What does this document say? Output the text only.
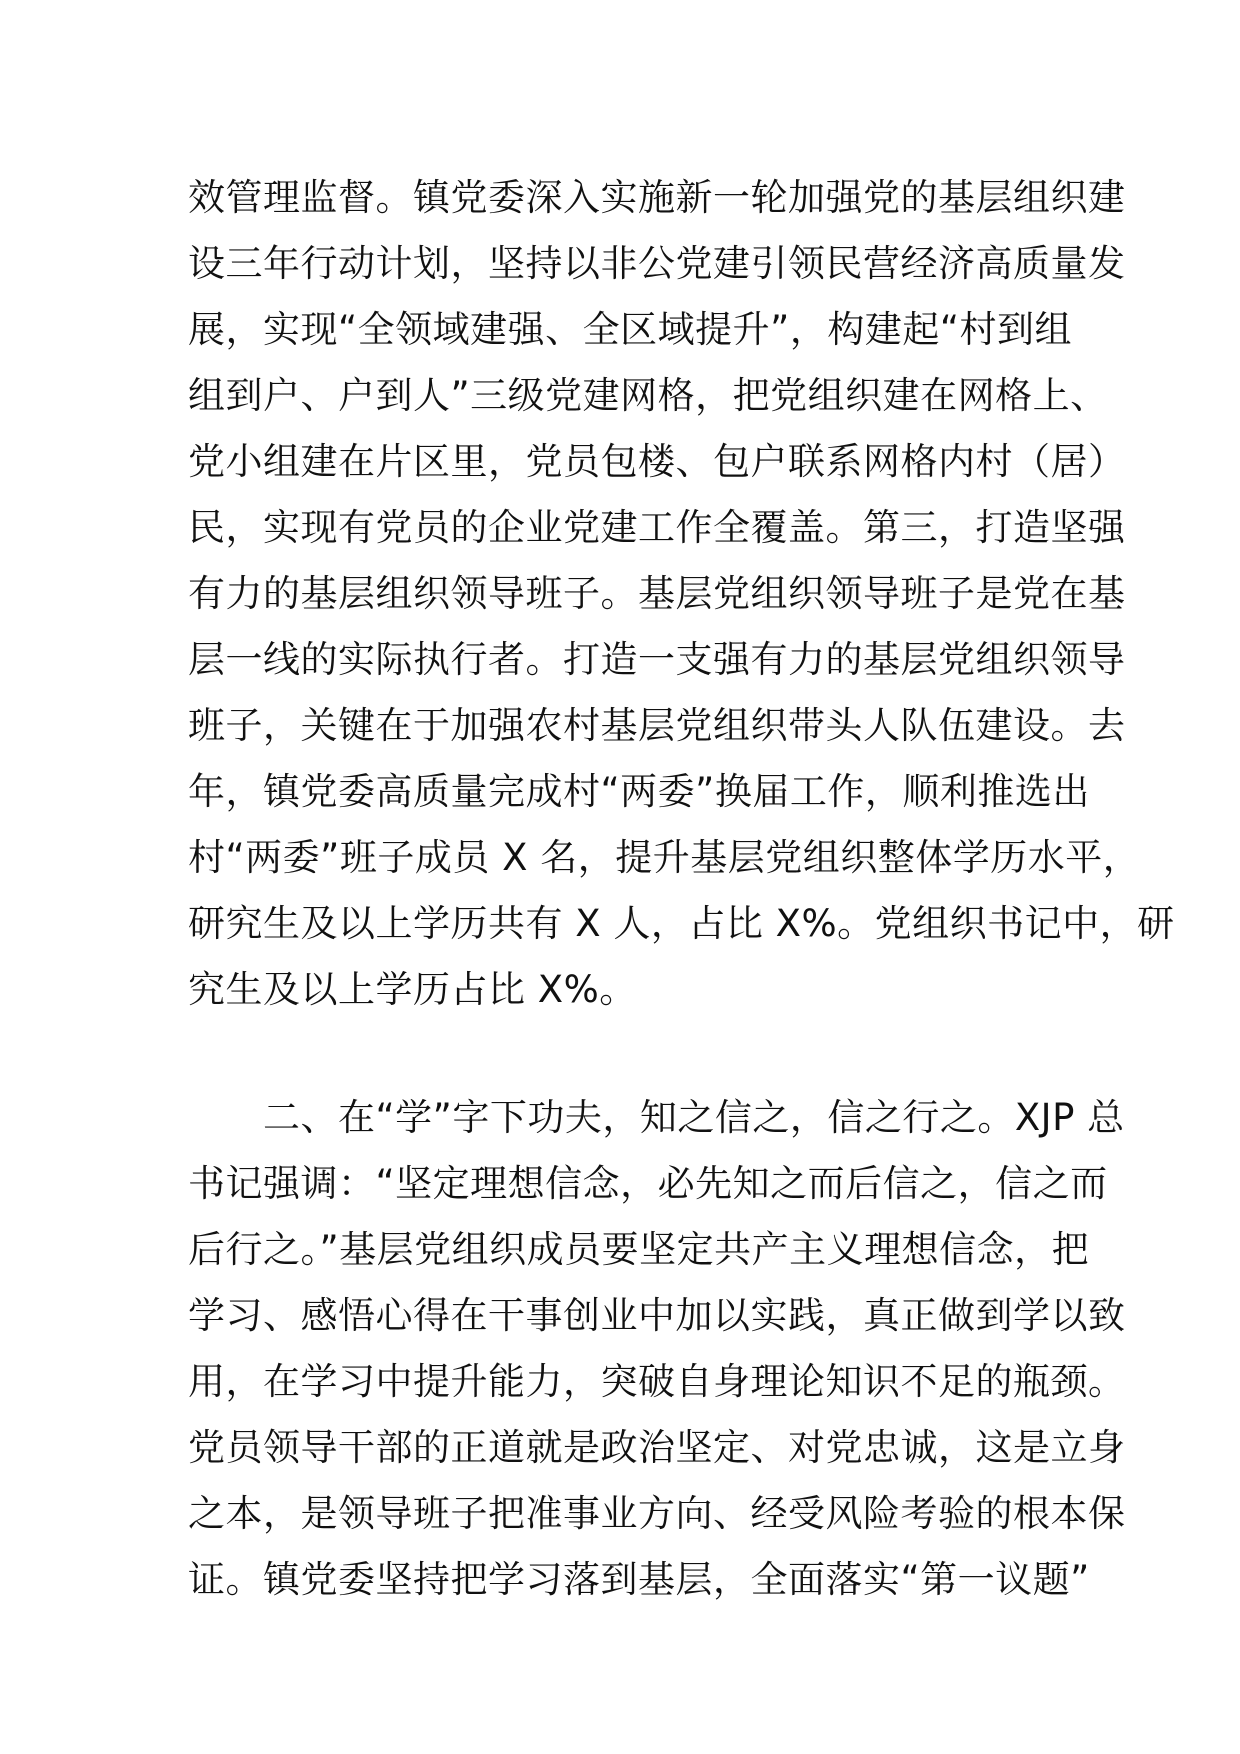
效管理监督。镇党委深入实施新一轮加强党的基层组织建
设三年行动计划，坚持以非公党建引领民营经济高质量发
展，实现“全领域建强、全区域提升”，构建起“村到组
组到户、户到人”三级党建网格，把党组织建在网格上、
党小组建在片区里，党员包楼、包户联系网格内村（居）
民，实现有党员的企业党建工作全覆盖。第三，打造坚强
有力的基层组织领导班子。基层党组织领导班子是党在基
层一线的实际执行者。打造一支强有力的基层党组织领导
班子，关键在于加强农村基层党组织带头人队伍建设。去
年，镇党委高质量完成村“两委”换届工作，顺利推选出
村“两委”班子成员 X 名，提升基层党组织整体学历水平，
研究生及以上学历共有 X 人，占比 X%。党组织书记中，研
究生及以上学历占比 X%。
　　二、在“学”字下功夫，知之信之，信之行之。XJP 总
书记强调：“坚定理想信念，必先知之而后信之，信之而
后行之。”基层党组织成员要坚定共产主义理想信念，把
学习、感悟心得在干事创业中加以实践，真正做到学以致
用，在学习中提升能力，突破自身理论知识不足的瓶颈。
党员领导干部的正道就是政治坚定、对党忠诚，这是立身
之本，是领导班子把准事业方向、经受风险考验的根本保
证。镇党委坚持把学习落到基层，全面落实“第一议题”
